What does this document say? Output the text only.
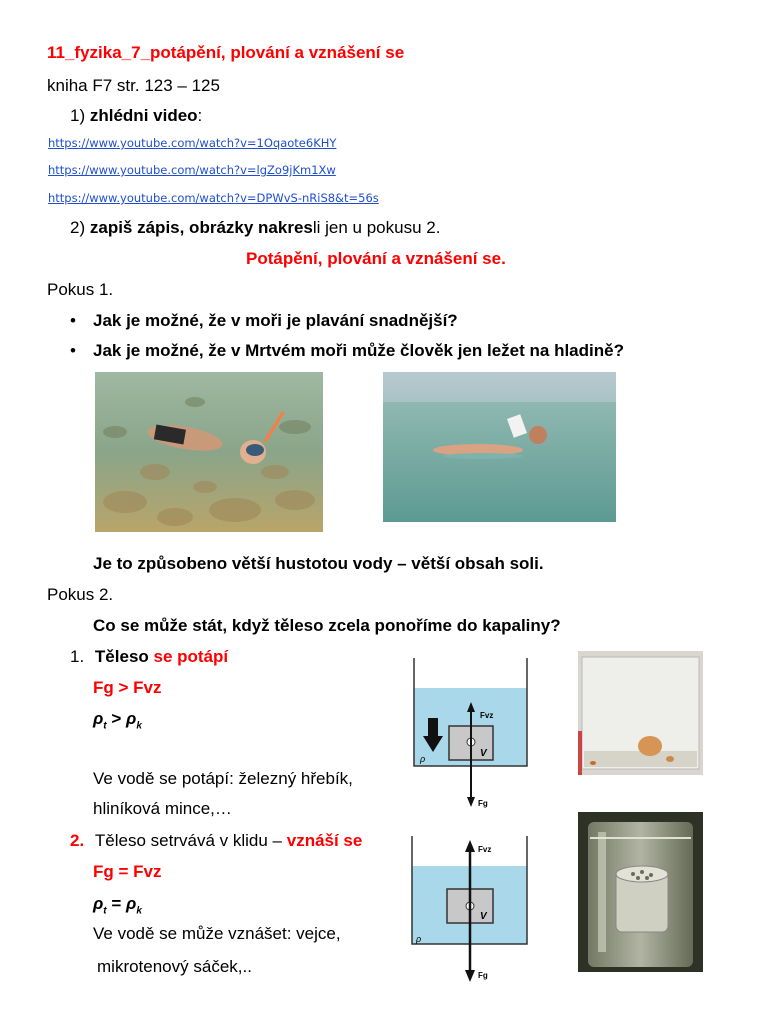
11_fyzika_7_potápění, plování a vznášení se
kniha F7 str. 123 – 125
1) zhlédni video:
https://www.youtube.com/watch?v=1Oqaote6KHY
https://www.youtube.com/watch?v=lgZo9jKm1Xw
https://www.youtube.com/watch?v=DPWvS-nRiS8&t=56s
2) zapiš zápis, obrázky nakresli jen u pokusu 2.
Potápění, plování a vznášení se.
Pokus 1.
• Jak je možné, že v moři je plavání snadnější?
• Jak je možné, že v Mrtvém moři může člověk jen ležet na hladině?
Je to způsobeno větší hustotou vody – větší obsah soli.
Pokus 2.
Co se může stát, když těleso zcela ponoříme do kapaliny?
1. Těleso se potápí
Fg > Fvz
$\rho_t > \rho_k$
Ve vodě se potápí: železný hřebík,
hliníková mince,…
Fvz
Fg
V
ρ
2. Těleso setrvává v klidu – vznáší se
Fg = Fvz
$\rho_t = \rho_k$
Ve vodě se může vznášet: vejce,
mikrotenový sáček,..
Fvz
Fg
V
ρ
